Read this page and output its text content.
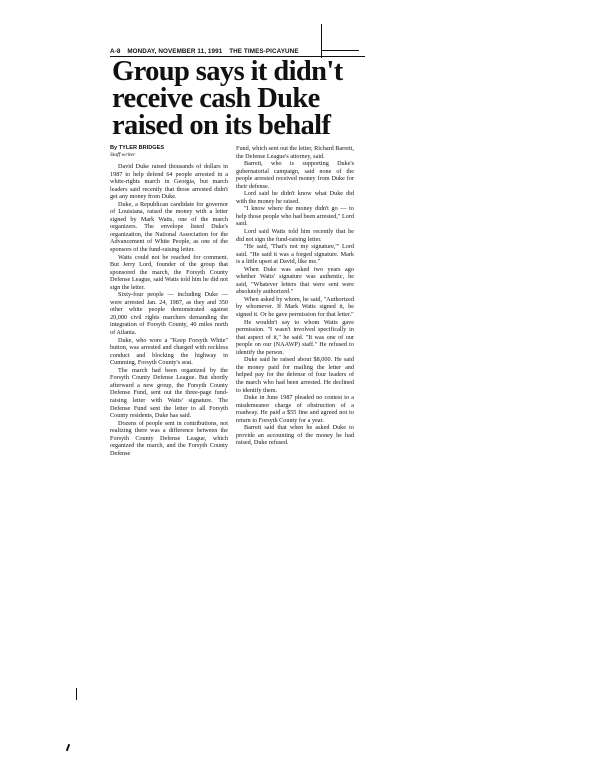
A-8 MONDAY, NOVEMBER 11, 1991 THE TIMES-PICAYUNE
Group says it didn't
receive cash Duke
raised on its behalf
By TYLER BRIDGES
Staff writer

David Duke raised thousands of dollars in 1987 to help defend 64 people arrested in a white-rights march in Georgia, but march leaders said recently that those arrested didn't get any money from Duke.

Duke, a Republican candidate for governor of Louisiana, raised the money with a letter signed by Mark Watts, one of the march organizers. The envelope listed Duke's organization, the National Association for the Advancement of White People, as one of the sponsors of the fund-raising letter.

Watts could not be reached for comment. But Jerry Lord, founder of the group that sponsored the march, the Forsyth County Defense League, said Watts told him he did not sign the letter.

Sixty-four people — including Duke — were arrested Jan. 24, 1987, as they and 350 other white people demonstrated against 20,000 civil rights marchers demanding the integration of Forsyth County, 40 miles north of Atlanta.

Duke, who wore a "Keep Forsyth White" button, was arrested and charged with reckless conduct and blocking the highway in Cumming, Forsyth County's seat.

The march had been organized by the Forsyth County Defense League. But shortly afterward a new group, the Forsyth County Defense Fund, sent out the three-page fund-raising letter with Watts' signature. The Defense Fund sent the letter to all Forsyth County residents, Duke has said.

Dozens of people sent in contributions, not realizing there was a difference between the Forsyth County Defense League, which organized the march, and the Forsyth County Defense

Fund, which sent out the letter, Richard Barrett, the Defense League's attorney, said.

Barrett, who is supporting Duke's gubernatorial campaign, said none of the people arrested received money from Duke for their defense.

Lord said he didn't know what Duke did with the money he raised.

"I know where the money didn't go — to help those people who had been arrested," Lord said.

Lord said Watts told him recently that he did not sign the fund-raising letter.

"He said, 'That's not my signature,'" Lord said. "He said it was a forged signature. Mark is a little upset at David, like me."

When Duke was asked two years ago whether Watts' signature was authentic, he said, "Whatever letters that were sent were absolutely authorized."

When asked by whom, he said, "Authorized by whomever. If Mark Watts signed it, he signed it. Or he gave permission for that letter."

He wouldn't say to whom Watts gave permission. "I wasn't involved specifically in that aspect of it," he said. "It was one of our people on our (NAAWP) staff." He refused to identify the person.

Duke said he raised about $8,000. He said the money paid for mailing the letter and helped pay for the defense of four leaders of the march who had been arrested. He declined to identify them.

Duke in June 1987 pleaded no contest to a misdemeanor charge of obstruction of a roadway. He paid a $55 fine and agreed not to return to Forsyth County for a year.

Barrett said that when he asked Duke to provide an accounting of the money he had raised, Duke refused.
